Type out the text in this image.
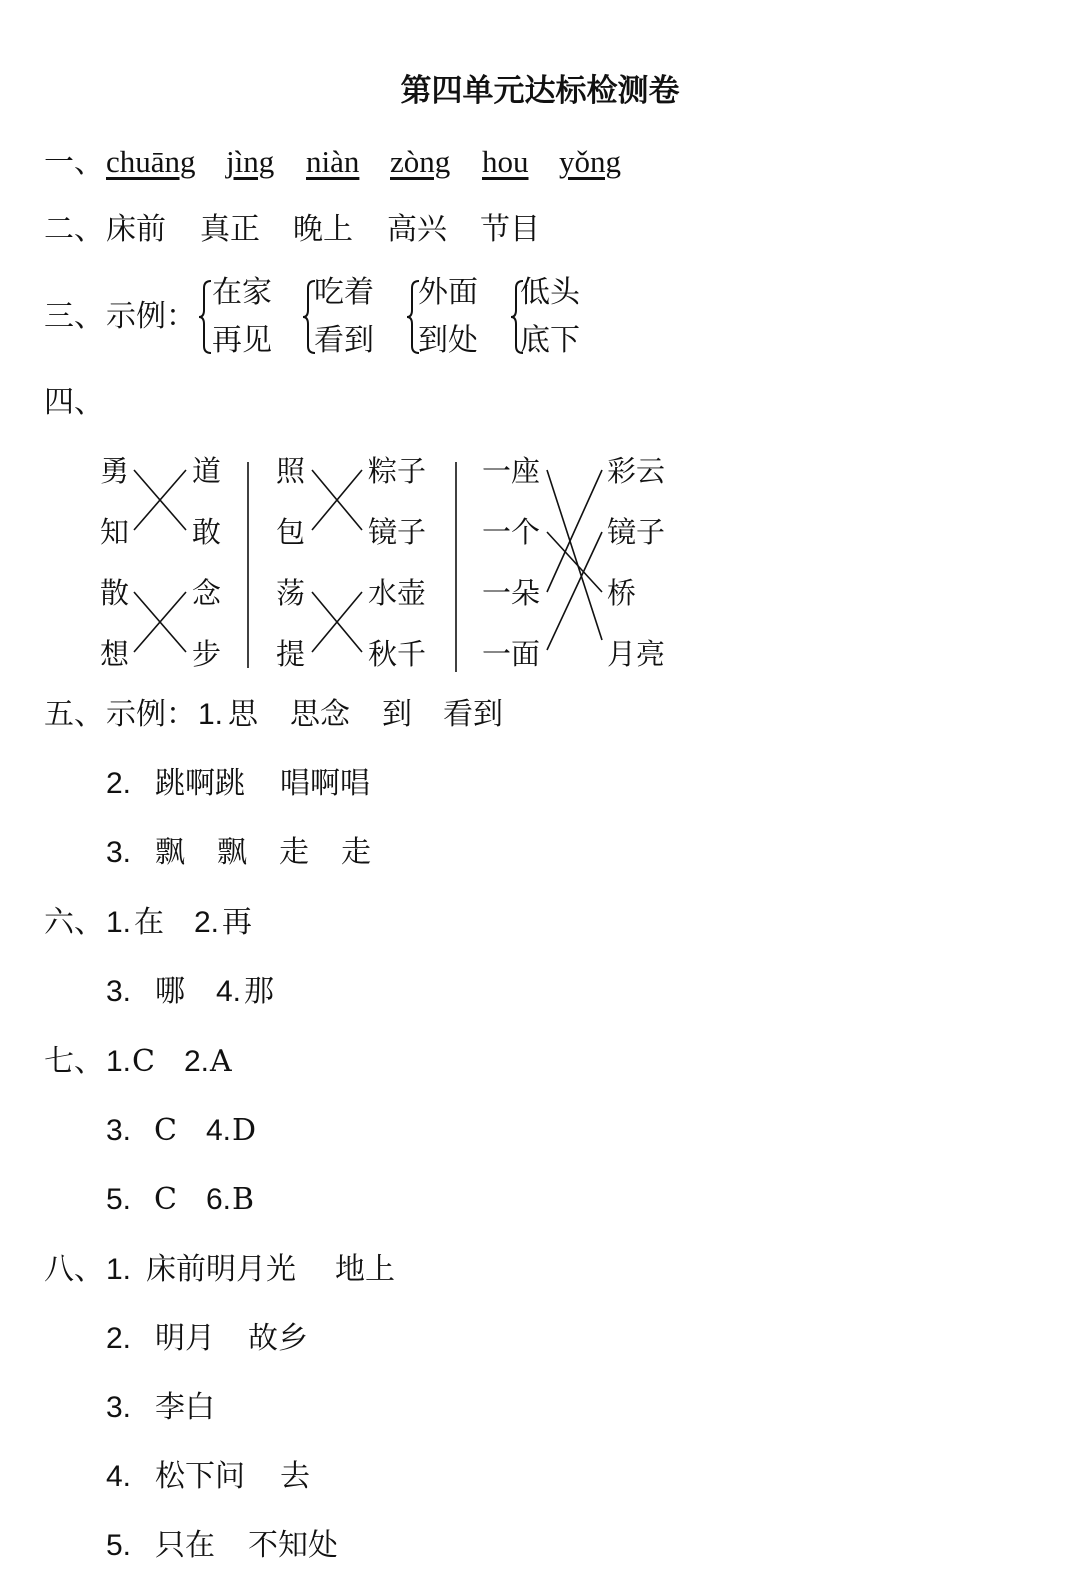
第四单元达标检测卷
一、 chuāng jìng niàn zòng hou yǒng
二、 床前 真正 晚上 高兴 节目
三、 示例：
在家
再见
吃着
看到
外面
到处
低头
底下
四、
勇
知
散
想
道
敢
念
步
照
包
荡
提
粽子
镜子
水壶
秋千
一座
一个
一朵
一面
彩云
镜子
桥
月亮
五、 示例： 1. 思 思念 到 看到
2. 跳啊跳 唱啊唱
3. 飘 飘 走 走
六、 1. 在 2. 再
3. 哪 4. 那
七、 1. C 2. A
3. C 4. D
5. C 6. B
八、 1. 床前明月光 地上
2. 明月 故乡
3. 李白
4. 松下问 去
5. 只在 不知处
